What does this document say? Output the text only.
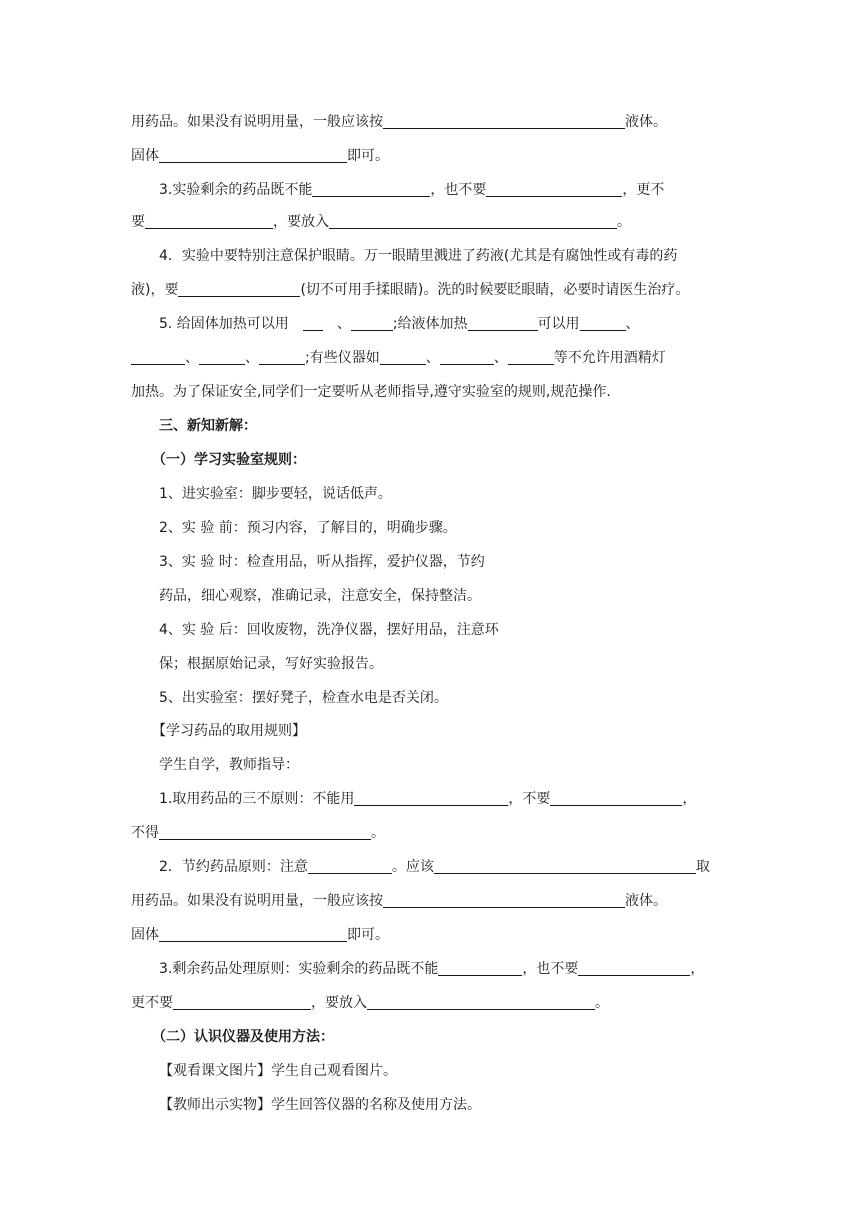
用药品。如果没有说明用量，一般应该按	液体。
固体	即可。
3.实验剩余的药品既不能	，也不要	，更不
要	，要放入	。
4．实验中要特别注意保护眼睛。万一眼睛里溅进了药液(尤其是有腐蚀性或有毒的药
液)，要	(切不可用手揉眼睛)。洗的时候要眨眼睛，必要时请医生治疗。
5. 给固体加热可以用	、	;给液体加热	可以用	、
、	、	;有些仪器如	、	、	等不允许用酒精灯
加热。为了保证安全,同学们一定要听从老师指导,遵守实验室的规则,规范操作.
三、新知新解：
（一）学习实验室规则：
1、进实验室：脚步要轻，说话低声。
2、实 验 前：预习内容，了解目的，明确步骤。
3、实 验 时：检查用品，听从指挥，爱护仪器，节约
药品，细心观察，准确记录，注意安全，保持整洁。
4、实 验 后：回收废物，洗净仪器，摆好用品，注意环
保；根据原始记录，写好实验报告。
5、出实验室：摆好凳子，检查水电是否关闭。
【学习药品的取用规则】
学生自学，教师指导：
1.取用药品的三不原则：不能用	，不要	，
不得	。
2．节约药品原则：注意	。应该	取
用药品。如果没有说明用量，一般应该按	液体。
固体	即可。
3.剩余药品处理原则：实验剩余的药品既不能	，也不要	，
更不要	，要放入	。
（二）认识仪器及使用方法：
【观看课文图片】学生自己观看图片。
【教师出示实物】学生回答仪器的名称及使用方法。
